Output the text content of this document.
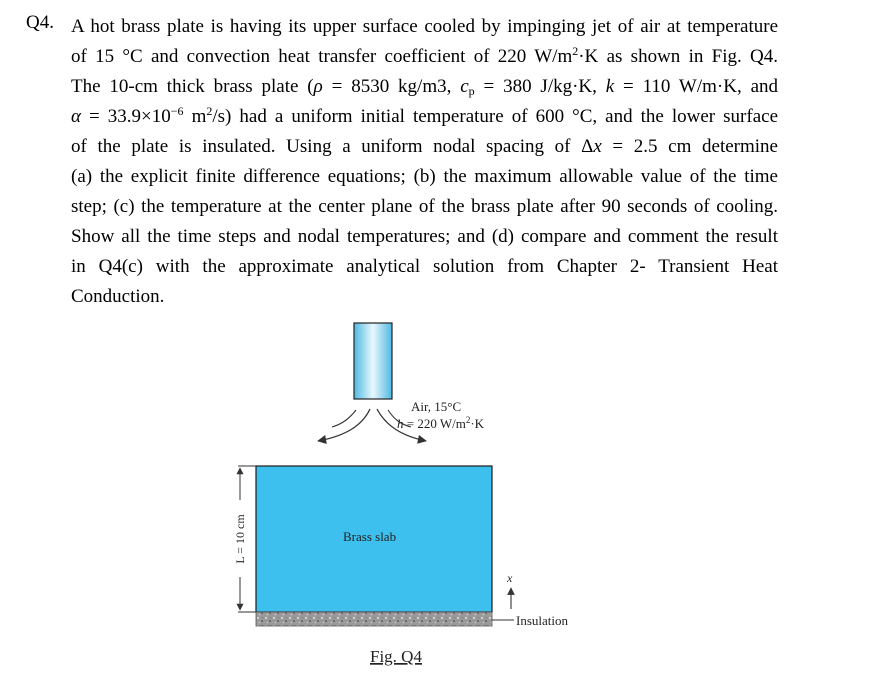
Q4. A hot brass plate is having its upper surface cooled by impinging jet of air at temperature
of 15 °C and convection heat transfer coefficient of 220 $W/m^2\cdot K$ as shown in Fig. Q4.
The 10-cm thick brass plate (ρ = 8530 kg/m3, $c_p = 380$ J/kg·K, k = 110 W/m·K, and
$\alpha = 33.9\times 10^{-6}$ $m^2/s$) had a uniform initial temperature of 600 °C, and the lower surface
of the plate is insulated. Using a uniform nodal spacing of Δx = 2.5 cm determine
(a) the explicit finite difference equations; (b) the maximum allowable value of the time
step; (c) the temperature at the center plane of the brass plate after 90 seconds of cooling.
Show all the time steps and nodal temperatures; and (d) compare and comment the result
in Q4(c) with the approximate analytical solution from Chapter 2- Transient Heat
Conduction.
Air, 15°C
h = 220 $W/m^2\cdot K$
Brass slab
Insulation
x
L = 10 cm
Fig. Q4
